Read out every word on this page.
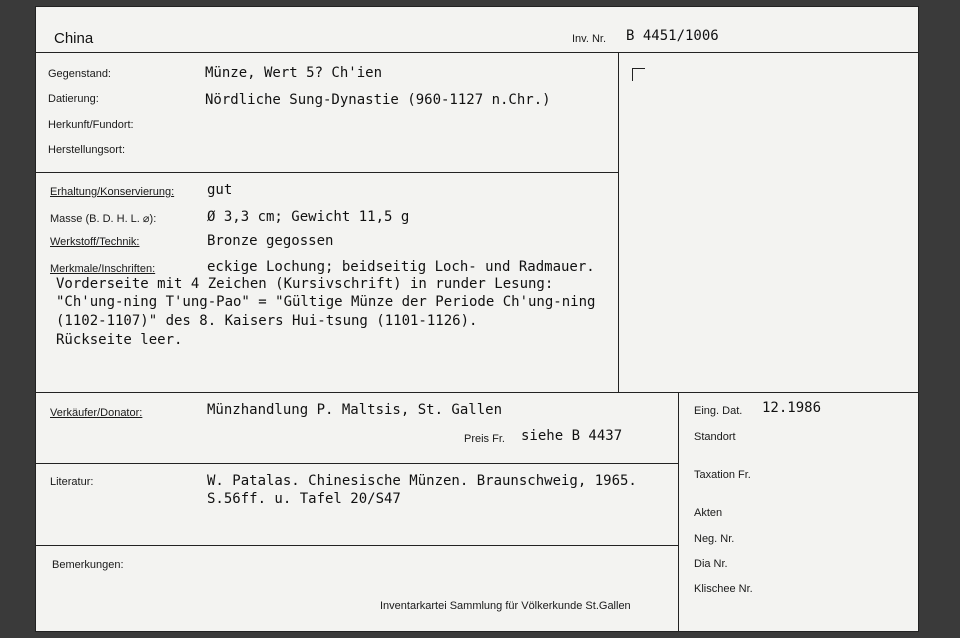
China	Inv. Nr. B 4451/1006
Gegenstand:	Münze, Wert 5? Ch'ien
Datierung:	Nördliche Sung-Dynastie (960-1127 n.Chr.)
Herkunft/Fundort:
Herstellungsort:
Erhaltung/Konservierung: gut
Masse (B. D. H. L. ⌀):	Ø 3,3 cm; Gewicht 11,5 g
Werkstoff/Technik:	Bronze gegossen
Merkmale/Inschriften:	eckige Lochung; beidseitig Loch- und Radmauer.
Vorderseite mit 4 Zeichen (Kursivschrift) in runder Lesung:
"Ch'ung-ning T'ung-Pao" = "Gültige Münze der Periode Ch'ung-ning
(1102-1107)" des 8. Kaisers Hui-tsung (1101-1126).
Rückseite leer.
Verkäufer/Donator:	Münzhandlung P. Maltsis, St. Gallen
Preis Fr. siehe B 4437
Eing. Dat. 12.1986
Standort
Taxation Fr.
Akten
Neg. Nr.
Dia Nr.
Klischee Nr.
Literatur:	W. Patalas. Chinesische Münzen. Braunschweig, 1965.
S.56ff. u. Tafel 20/S47
Bemerkungen:
Inventarkartei Sammlung für Völkerkunde St.Gallen
